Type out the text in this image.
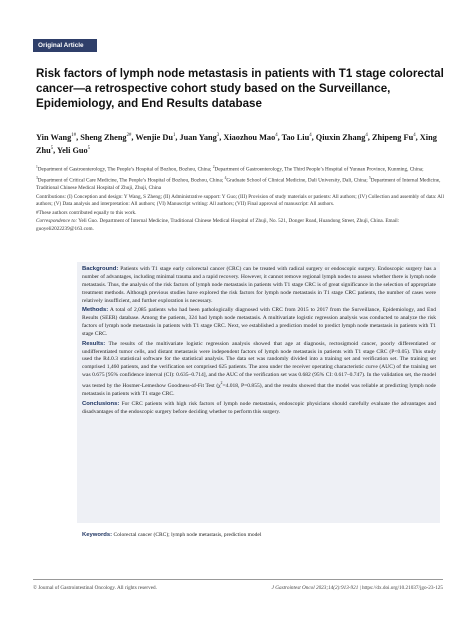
Original Article
Risk factors of lymph node metastasis in patients with T1 stage colorectal cancer—a retrospective cohort study based on the Surveillance, Epidemiology, and End Results database
Yin Wang$^{1\#}$, Sheng Zheng$^{2\#}$, Wenjie Du$^1$, Juan Yang$^3$, Xiaozhou Mao$^4$, Tao Liu$^4$, Qiuxin Zhang$^4$, Zhipeng Fu$^4$, Xing Zhu$^5$, Yeli Guo$^5$

$^1$Department of Gastroenterology, The People’s Hospital of Bozhou, Bozhou, China; $^2$Department of Gastroenterology, The Third People’s Hospital of Yunnan Province, Kunming, China; $^3$Department of Critical Care Medicine, The People’s Hospital of Bozhou, Bozhou, China; $^4$Graduate School of Clinical Medicine, Dali University, Dali, China; $^5$Department of Internal Medicine, Traditional Chinese Medical Hospital of Zhuji, Zhuji, China

Contributions: (I) Conception and design: Y Wang, S Zheng; (II) Administrative support: Y Guo; (III) Provision of study materials or patients: All authors; (IV) Collection and assembly of data: All authors; (V) Data analysis and interpretation: All authors; (VI) Manuscript writing: All authors; (VII) Final approval of manuscript: All authors.

#These authors contributed equally to this work.

Correspondence to: Yeli Guo. Department of Internal Medicine, Traditional Chinese Medical Hospital of Zhuji, No. 521, Donger Road, Huandong Street, Zhuji, China. Email: guoyeli2022239@163.com.

Background: Patients with T1 stage early colorectal cancer (CRC) can be treated with radical surgery or endoscopic surgery. Endoscopic surgery has a number of advantages, including minimal trauma and a rapid recovery. However, it cannot remove regional lymph nodes to assess whether there is lymph node metastasis. Thus, the analysis of the risk factors of lymph node metastasis in patients with T1 stage CRC is of great significance in the selection of appropriate treatment methods. Although previous studies have explored the risk factors for lymph node metastasis in T1 stage CRC patients, the number of cases were relatively insufficient, and further exploration is necessary.

Methods: A total of 2,085 patients who had been pathologically diagnosed with CRC from 2015 to 2017 from the Surveillance, Epidemiology, and End Results (SEER) database. Among the patients, 324 had lymph node metastasis. A multivariate logistic regression analysis was conducted to analyze the risk factors of lymph node metastasis in patients with T1 stage CRC. Next, we established a prediction model to predict lymph node metastasis in patients with T1 stage CRC.

Results: The results of the multivariate logistic regression analysis showed that age at diagnosis, rectosigmoid cancer, poorly differentiated or undifferentiated tumor cells, and distant metastasis were independent factors of lymph node metastasis in patients with T1 stage CRC (P<0.05). This study used the R4.0.3 statistical software for the statistical analysis. The data set was randomly divided into a training set and verification set. The training set comprised 1,460 patients, and the verification set comprised 625 patients. The area under the receiver operating characteristic curve (AUC) of the training set was 0.675 [95% confidence interval (CI): 0.635–0.714], and the AUC of the verification set was 0.682 (95% CI: 0.617–0.747). In the validation set, the model was tested by the Hosmer-Lemeshow Goodness-of-Fit Test ($\chi^2=4.018$, P=0.855), and the results showed that the model was reliable at predicting lymph node metastasis in patients with T1 stage CRC.

Conclusions: For CRC patients with high risk factors of lymph node metastasis, endoscopic physicians should carefully evaluate the advantages and disadvantages of the endoscopic surgery before deciding whether to perform this surgery.

Keywords: Colorectal cancer (CRC); lymph node metastasis, prediction model

© Journal of Gastrointestinal Oncology. All rights reserved.	J Gastrointest Oncol 2023;14(2):913-921 | https://dx.doi.org/10.21037/jgo-23-125
